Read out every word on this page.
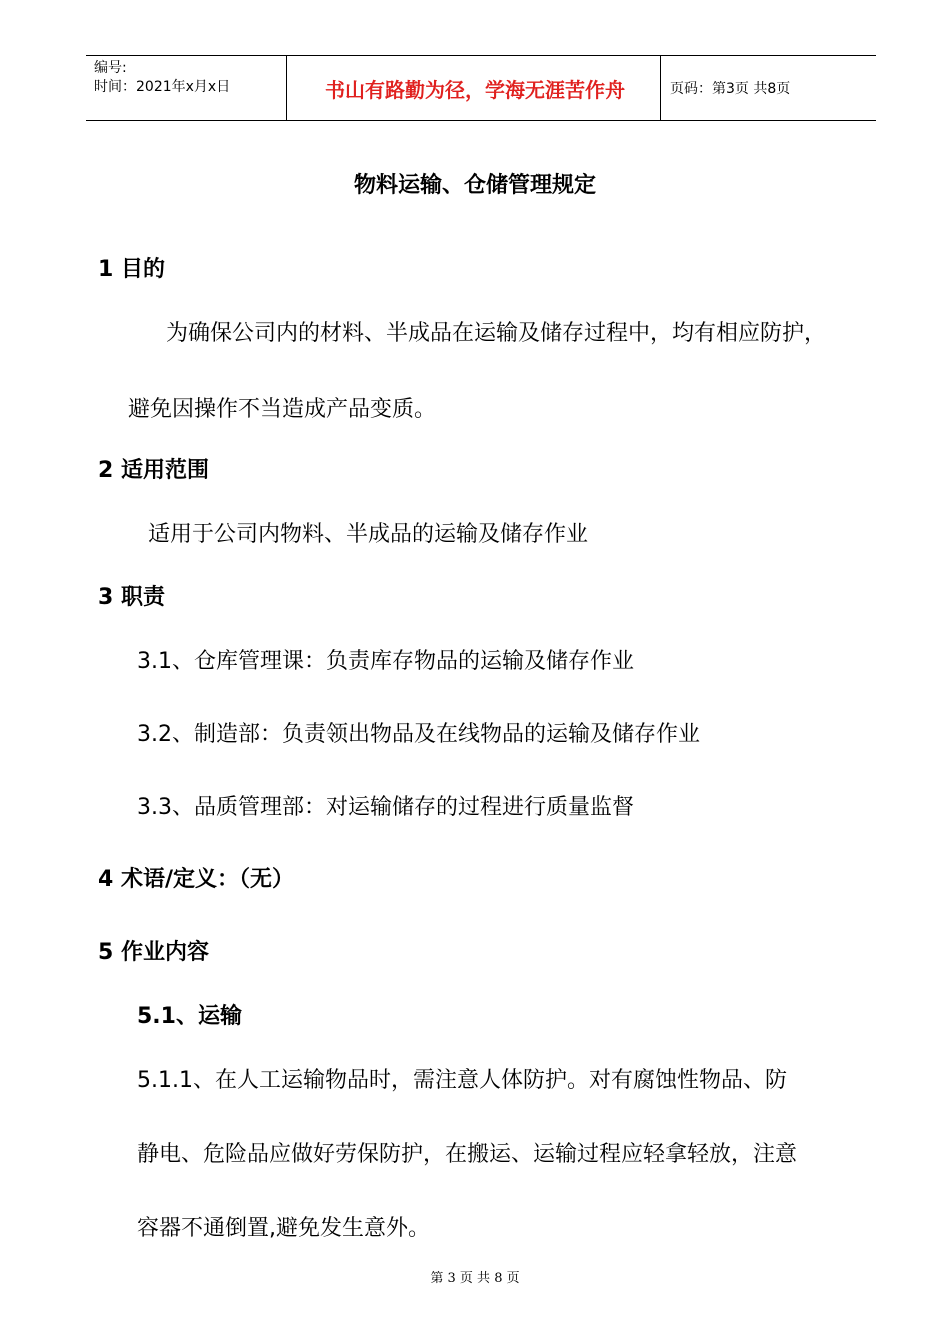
编号:
时间：2021年x月x日	书山有路勤为径，学海无涯苦作舟	页码：第3页 共8页
物料运输、仓储管理规定
1 目的
为确保公司内的材料、半成品在运输及储存过程中，均有相应防护，
避免因操作不当造成产品变质。
2 适用范围
适用于公司内物料、半成品的运输及储存作业
3 职责
3.1、仓库管理课：负责库存物品的运输及储存作业
3.2、制造部：负责领出物品及在线物品的运输及储存作业
3.3、品质管理部：对运输储存的过程进行质量监督
4 术语/定义：（无）
5 作业内容
5.1、运输
5.1.1、在人工运输物品时，需注意人体防护。对有腐蚀性物品、防
静电、危险品应做好劳保防护，在搬运、运输过程应轻拿轻放，注意
容器不通倒置,避免发生意外。
第 3 页 共 8 页
